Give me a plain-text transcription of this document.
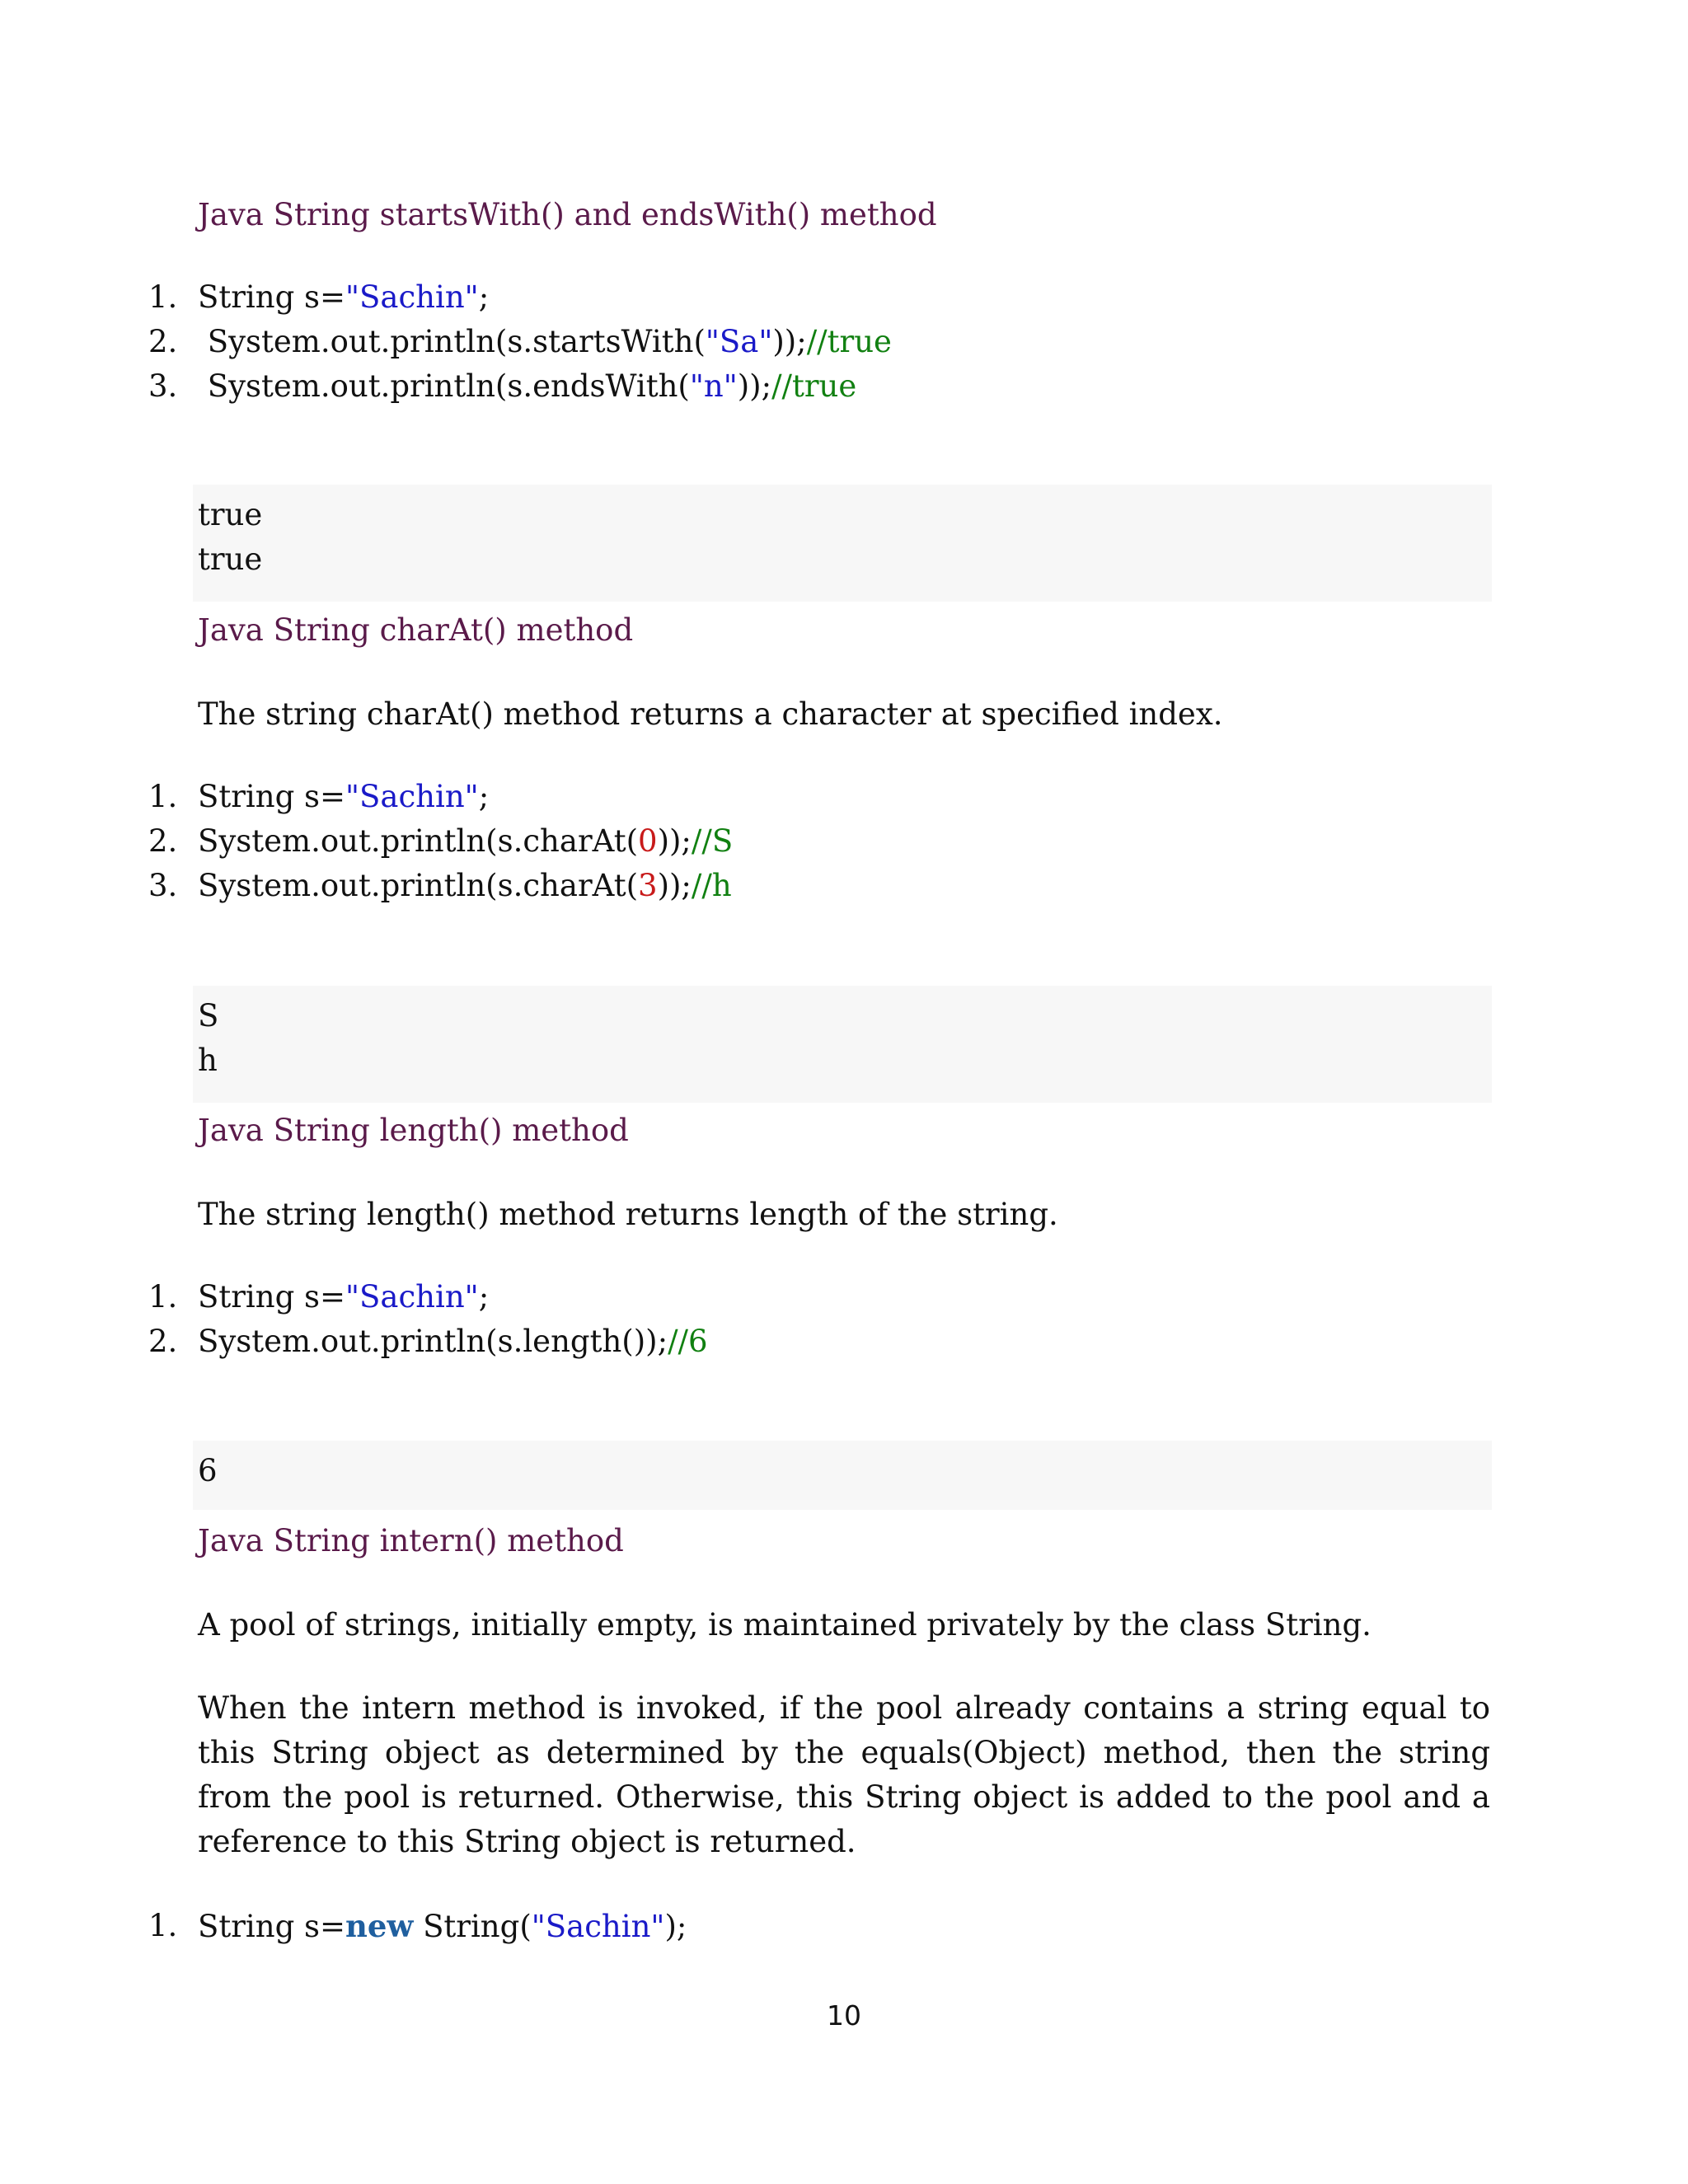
Java String startsWith() and endsWith() method
1. String s="Sachin";
2. System.out.println(s.startsWith("Sa"));//true
3. System.out.println(s.endsWith("n"));//true
true
true
Java String charAt() method
The string charAt() method returns a character at specified index.
1. String s="Sachin";
2. System.out.println(s.charAt(0));//S
3. System.out.println(s.charAt(3));//h
S
h
Java String length() method
The string length() method returns length of the string.
1. String s="Sachin";
2. System.out.println(s.length());//6
6
Java String intern() method
A pool of strings, initially empty, is maintained privately by the class String.
When the intern method is invoked, if the pool already contains a string equal to this String object as determined by the equals(Object) method, then the string from the pool is returned. Otherwise, this String object is added to the pool and a reference to this String object is returned.
1. String s=new String("Sachin");
10
